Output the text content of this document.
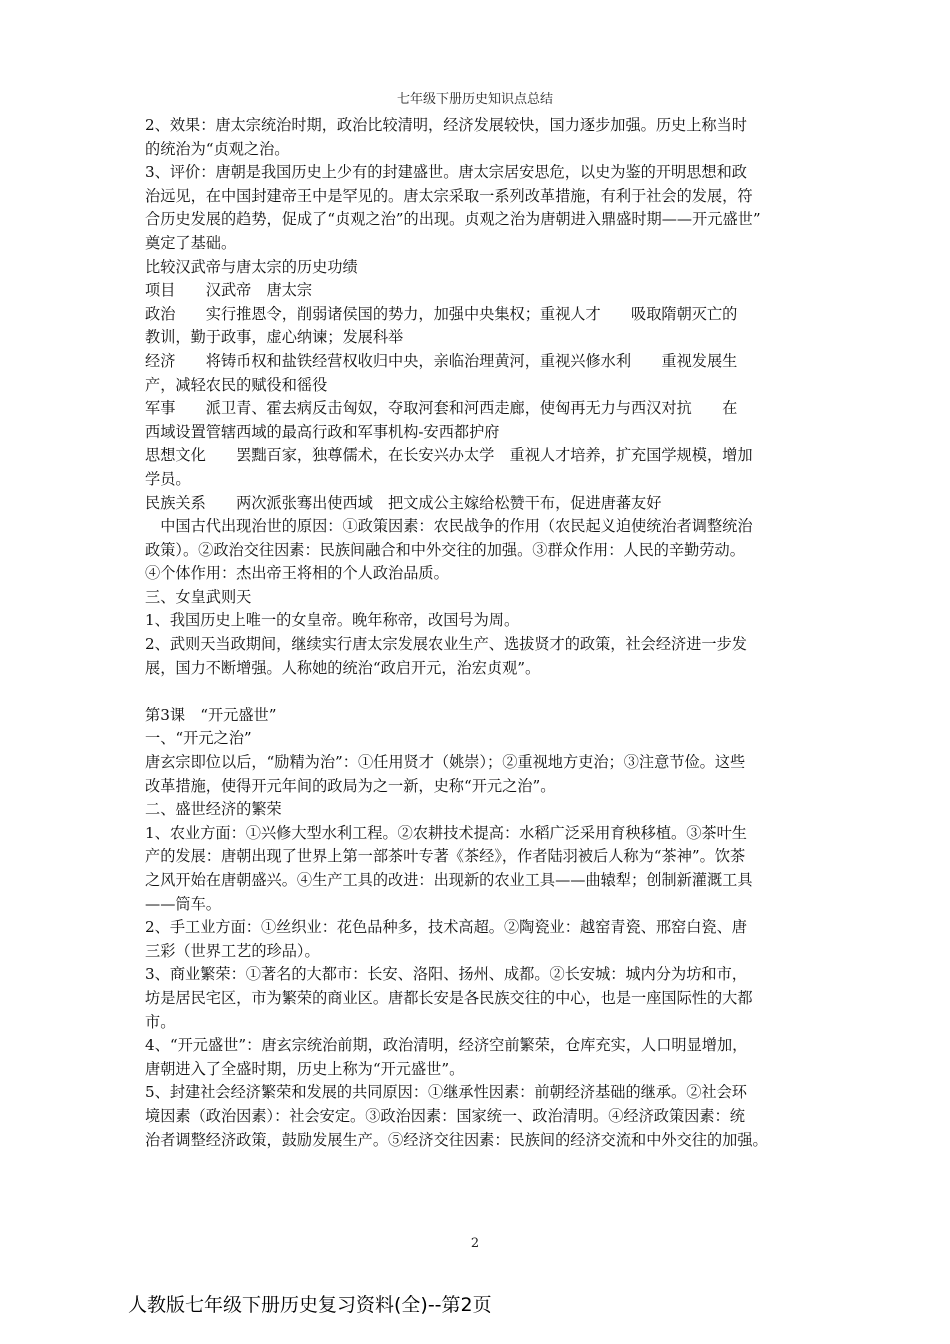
七年级下册历史知识点总结
2、效果：唐太宗统治时期，政治比较清明，经济发展较快，国力逐步加强。历史上称当时
的统治为“贞观之治。
3、评价：唐朝是我国历史上少有的封建盛世。唐太宗居安思危，以史为鉴的开明思想和政
治远见，在中国封建帝王中是罕见的。唐太宗采取一系列改革措施，有利于社会的发展，符
合历史发展的趋势，促成了“贞观之治”的出现。贞观之治为唐朝进入鼎盛时期——开元盛世”
奠定了基础。
比较汉武帝与唐太宗的历史功绩
项目　　汉武帝　唐太宗
政治　　实行推恩令，削弱诸侯国的势力，加强中央集权；重视人才　　吸取隋朝灭亡的
教训，勤于政事，虚心纳谏；发展科举
经济　　将铸币权和盐铁经营权收归中央，亲临治理黄河，重视兴修水利　　重视发展生
产，减轻农民的赋役和徭役
军事　　派卫青、霍去病反击匈奴，夺取河套和河西走廊，使匈再无力与西汉对抗　　在
西域设置管辖西域的最高行政和军事机构-安西都护府
思想文化　　罢黜百家，独尊儒术，在长安兴办太学　重视人才培养，扩充国学规模，增加
学员。
民族关系　　两次派张骞出使西域　把文成公主嫁给松赞干布，促进唐蕃友好
　中国古代出现治世的原因：①政策因素：农民战争的作用（农民起义迫使统治者调整统治
政策）。②政治交往因素：民族间融合和中外交往的加强。③群众作用：人民的辛勤劳动。
④个体作用：杰出帝王将相的个人政治品质。
三、女皇武则天
1、我国历史上唯一的女皇帝。晚年称帝，改国号为周。
2、武则天当政期间，继续实行唐太宗发展农业生产、选拔贤才的政策，社会经济进一步发
展，国力不断增强。人称她的统治“政启开元，治宏贞观”。
第3课　“开元盛世”
一、“开元之治”
唐玄宗即位以后，“励精为治”：①任用贤才（姚崇）；②重视地方吏治；③注意节俭。这些
改革措施，使得开元年间的政局为之一新，史称“开元之治”。
二、盛世经济的繁荣
1、农业方面：①兴修大型水利工程。②农耕技术提高：水稻广泛采用育秧移植。③茶叶生
产的发展：唐朝出现了世界上第一部茶叶专著《茶经》，作者陆羽被后人称为“茶神”。饮茶
之风开始在唐朝盛兴。④生产工具的改进：出现新的农业工具——曲辕犁；创制新灌溉工具
——筒车。
2、手工业方面：①丝织业：花色品种多，技术高超。②陶瓷业：越窑青瓷、邢窑白瓷、唐
三彩（世界工艺的珍品）。
3、商业繁荣：①著名的大都市：长安、洛阳、扬州、成都。②长安城：城内分为坊和市，
坊是居民宅区，市为繁荣的商业区。唐都长安是各民族交往的中心，也是一座国际性的大都
市。
4、“开元盛世”：唐玄宗统治前期，政治清明，经济空前繁荣，仓库充实，人口明显增加，
唐朝进入了全盛时期，历史上称为“开元盛世”。
5、封建社会经济繁荣和发展的共同原因：①继承性因素：前朝经济基础的继承。②社会环
境因素（政治因素）：社会安定。③政治因素：国家统一、政治清明。④经济政策因素：统
治者调整经济政策，鼓励发展生产。⑤经济交往因素：民族间的经济交流和中外交往的加强。
2
人教版七年级下册历史复习资料(全)--第2页
